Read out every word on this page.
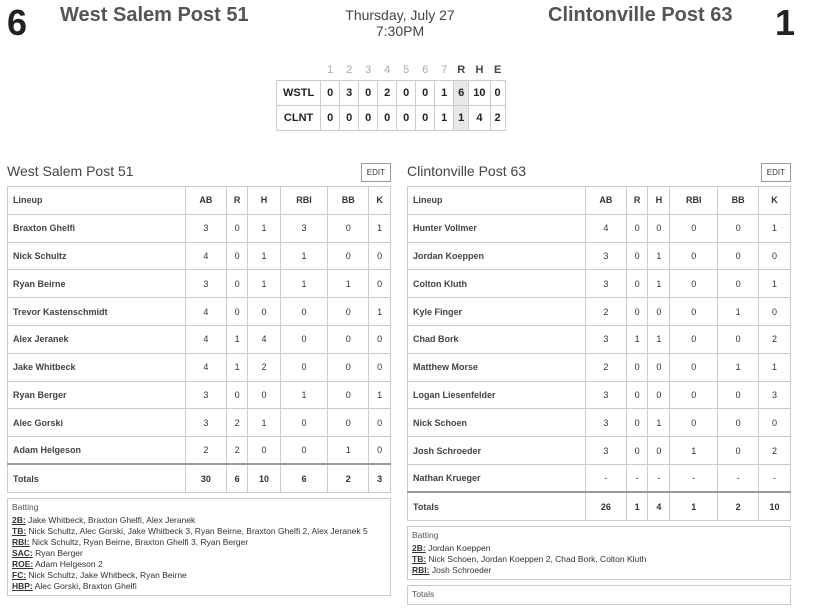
6 West Salem Post 51	Thursday, July 27
7:30PM
Clintonville Post 63 1
	1	2	3	4	5	6	7	R	H	E
WSTL	0	3	0	2	0	0	1	6	10	0
CLNT	0	0	0	0	0	0	1	1	4	2
West Salem Post 51	EDIT
Lineup	AB	R	H	RBI	BB	K
Braxton Ghelfi	3	0	1	3	0	1
Nick Schultz	4	0	1	1	0	0
Ryan Beirne	3	0	1	1	1	0
Trevor Kastenschmidt	4	0	0	0	0	1
Alex Jeranek	4	1	4	0	0	0
Jake Whitbeck	4	1	2	0	0	0
Ryan Berger	3	0	0	1	0	1
Alec Gorski	3	2	1	0	0	0
Adam Helgeson	2	2	0	0	1	0
Totals	30	6	10	6	2	3
Batting
2B: Jake Whitbeck, Braxton Ghelfi, Alex Jeranek
TB: Nick Schultz, Alec Gorski, Jake Whitbeck 3, Ryan Beirne, Braxton Ghelfi 2, Alex Jeranek 5
RBI: Nick Schultz, Ryan Beirne, Braxton Ghelfi 3, Ryan Berger
SAC: Ryan Berger
ROE: Adam Helgeson 2
FC: Nick Schultz, Jake Whitbeck, Ryan Beirne
HBP: Alec Gorski, Braxton Ghelfi
Clintonville Post 63	EDIT
Lineup	AB	R	H	RBI	BB	K
Hunter Vollmer	4	0	0	0	0	1
Jordan Koeppen	3	0	1	0	0	0
Colton Kluth	3	0	1	0	0	1
Kyle Finger	2	0	0	0	1	0
Chad Bork	3	1	1	0	0	2
Matthew Morse	2	0	0	0	1	1
Logan Liesenfelder	3	0	0	0	0	3
Nick Schoen	3	0	1	0	0	0
Josh Schroeder	3	0	0	1	0	2
Nathan Krueger	-	-	-	-	-	-
Totals	26	1	4	1	2	10
Batting
2B: Jordan Koeppen
TB: Nick Schoen, Jordan Koeppen 2, Chad Bork, Colton Kluth
RBI: Josh Schroeder
Totals
